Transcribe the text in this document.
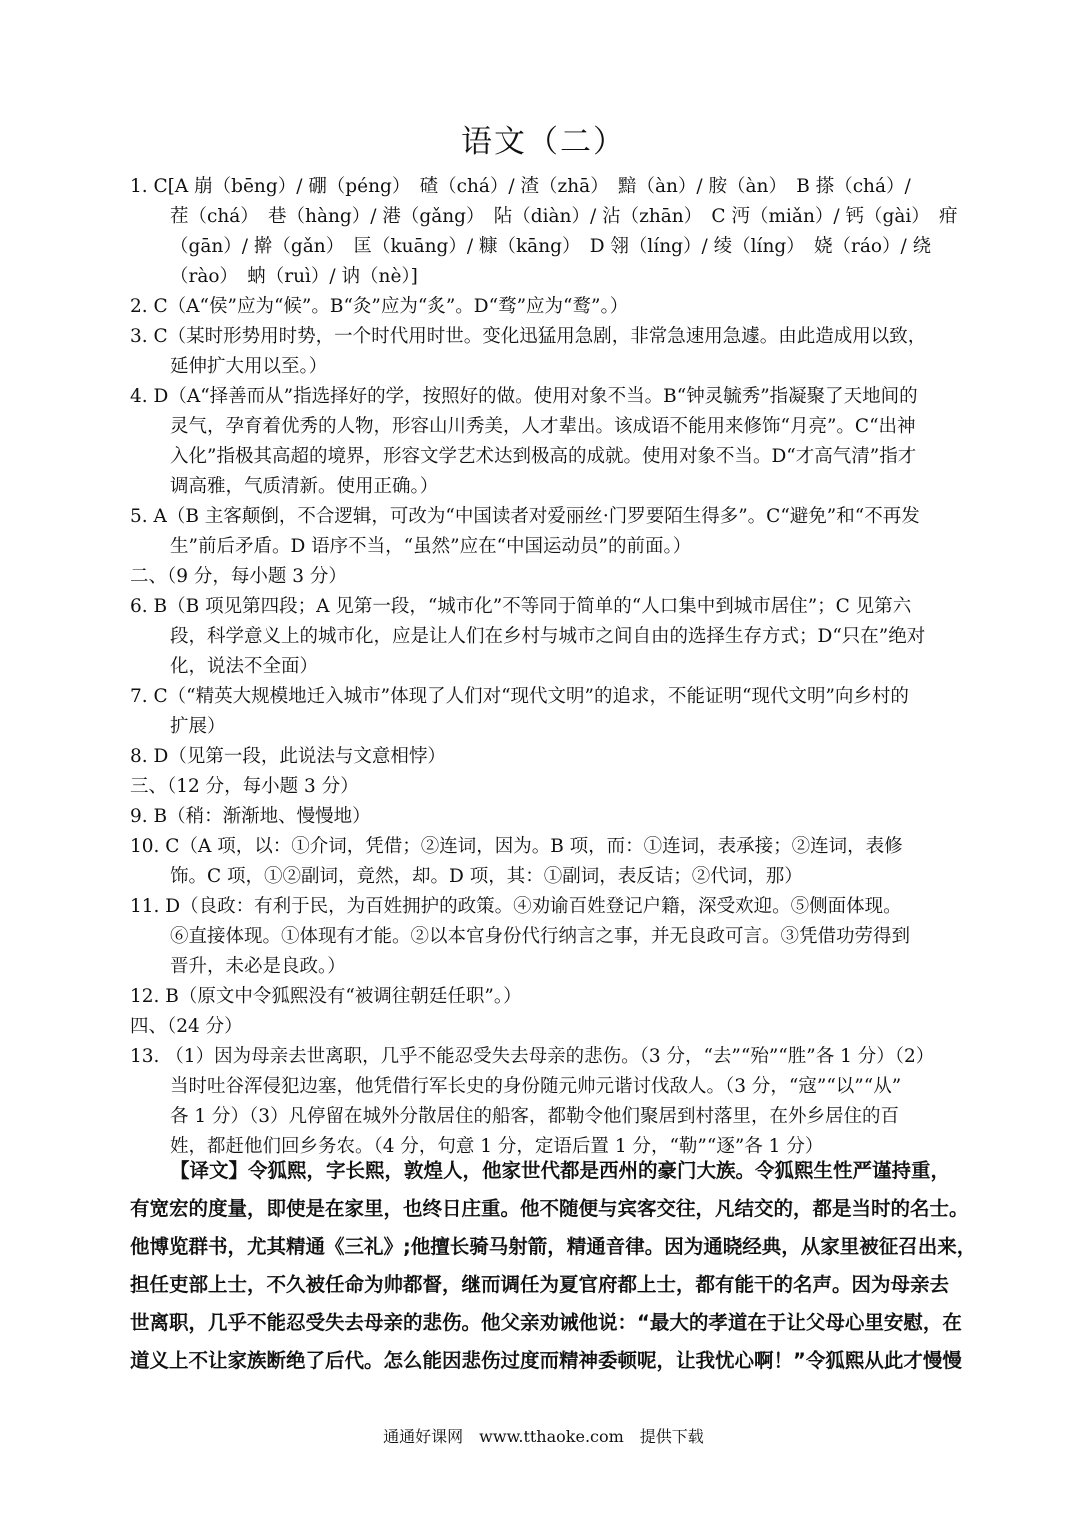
语文（二）
1. C[A 崩（bēng）/ 硼（péng）　碴（chá）/ 渣（zhā）　黯（àn）/ 胺（àn）　B 搽（chá）/
茬（chá）　巷（hàng）/ 港（gǎng）　阽（diàn）/ 沾（zhān）　C 沔（miǎn）/ 钙（gài）　疳
（gān）/ 擀（gǎn）　匡（kuāng）/ 糠（kāng）　D 翎（líng）/ 绫（líng）　娆（ráo）/ 绕
（rào）　蚋（ruì）/ 讷（nè）]
2. C（A“侯”应为“候”。B“灸”应为“炙”。D“骛”应为“鹜”。）
3. C（某时形势用时势，一个时代用时世。变化迅猛用急剧，非常急速用急遽。由此造成用以致，
延伸扩大用以至。）
4. D（A“择善而从”指选择好的学，按照好的做。使用对象不当。B“钟灵毓秀”指凝聚了天地间的
灵气，孕育着优秀的人物，形容山川秀美，人才辈出。该成语不能用来修饰“月亮”。C“出神
入化”指极其高超的境界，形容文学艺术达到极高的成就。使用对象不当。D“才高气清”指才
调高雅，气质清新。使用正确。）
5. A（B 主客颠倒，不合逻辑，可改为“中国读者对爱丽丝·门罗要陌生得多”。C“避免”和“不再发
生”前后矛盾。D 语序不当，“虽然”应在“中国运动员”的前面。）
二、（9 分，每小题 3 分）
6. B（B 项见第四段；A 见第一段，“城市化”不等同于简单的“人口集中到城市居住”；C 见第六
段，科学意义上的城市化，应是让人们在乡村与城市之间自由的选择生存方式；D“只在”绝对
化，说法不全面）
7. C（“精英大规模地迁入城市”体现了人们对“现代文明”的追求，不能证明“现代文明”向乡村的
扩展）
8. D（见第一段，此说法与文意相悖）
三、（12 分，每小题 3 分）
9. B（稍：渐渐地、慢慢地）
10. C（A 项，以：①介词，凭借；②连词，因为。B 项，而：①连词，表承接；②连词，表修
饰。C 项，①②副词，竟然，却。D 项，其：①副词，表反诘；②代词，那）
11. D（良政：有利于民，为百姓拥护的政策。④劝谕百姓登记户籍，深受欢迎。⑤侧面体现。
⑥直接体现。①体现有才能。②以本官身份代行纳言之事，并无良政可言。③凭借功劳得到
晋升，未必是良政。）
12. B（原文中令狐熙没有“被调往朝廷任职”。）
四、（24 分）
13. （1）因为母亲去世离职，几乎不能忍受失去母亲的悲伤。（3 分，“去”“殆”“胜”各 1 分）（2）
当时吐谷浑侵犯边塞，他凭借行军长史的身份随元帅元谐讨伐敌人。（3 分，“寇”“以”“从”
各 1 分）（3）凡停留在城外分散居住的船客，都勒令他们聚居到村落里，在外乡居住的百
姓，都赶他们回乡务农。（4 分，句意 1 分，定语后置 1 分，“勒”“逐”各 1 分）
【译文】令狐熙，字长熙，敦煌人，他家世代都是西州的豪门大族。令狐熙生性严谨持重，
有宽宏的度量，即使是在家里，也终日庄重。他不随便与宾客交往，凡结交的，都是当时的名士。
他博览群书，尤其精通《三礼》;他擅长骑马射箭，精通音律。因为通晓经典，从家里被征召出来，
担任吏部上士，不久被任命为帅都督，继而调任为夏官府都上士，都有能干的名声。因为母亲去
世离职，几乎不能忍受失去母亲的悲伤。他父亲劝诫他说：“最大的孝道在于让父母心里安慰，在
道义上不让家族断绝了后代。怎么能因悲伤过度而精神委顿呢，让我忧心啊！”令狐熙从此才慢慢
通通好课网　www.tthaoke.com　提供下载
